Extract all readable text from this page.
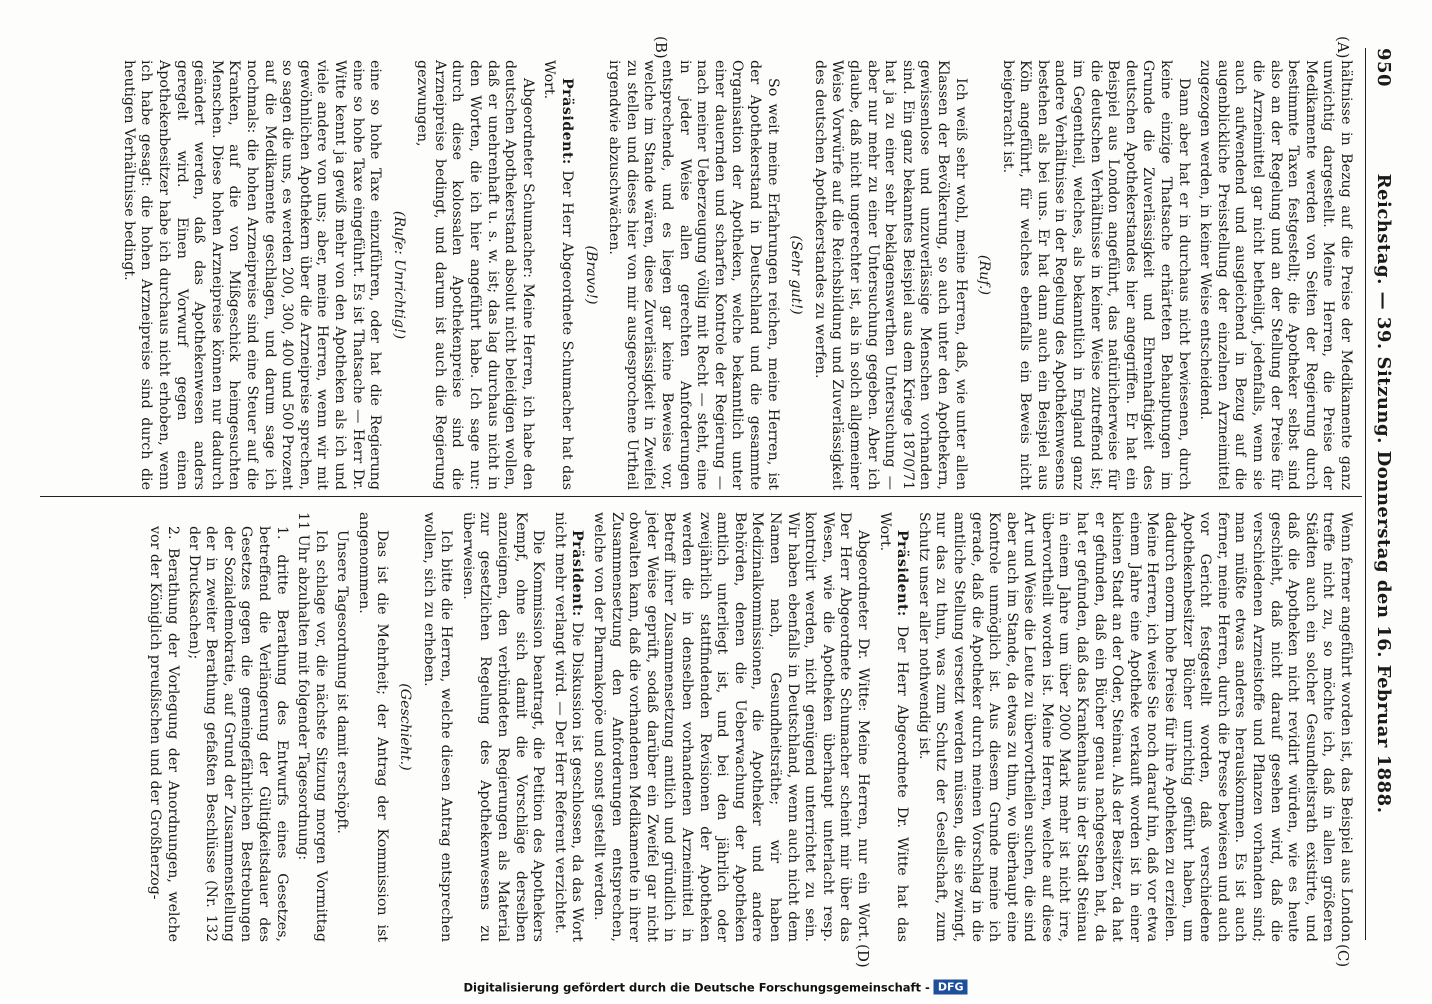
950
Reichstag. — 39. Sitzung. Donnerstag den 16. Februar 1888.
(A)
(B)
(C)
(D)

hältnisse in Bezug auf die Preise der Medikamente ganz unwichtig dargestellt. Meine Herren, die Preise der Medikamente werden von Seiten der Regierung durch bestimmte Taxen festgestellt; die Apotheker selbst sind also an der Regelung und an der Stellung der Preise für die Arzneimittel gar nicht betheiligt, jedenfalls, wenn sie auch aufwendend und ausgleichend in Bezug auf die augenblickliche Preisstellung der einzelnen Arzneimittel zugezogen werden, in keiner Weise entscheidend.

Dann aber hat er in durchaus nicht bewiesenen, durch keine einzige Thatsache erhärteten Behauptungen im Grunde die Zuverlässigkeit und Ehrenhaftigkeit des deutschen Apothekerstandes hier angegriffen. Er hat ein Beispiel aus London angeführt, das natürlicherweise für die deutschen Verhältnisse in keiner Weise zutreffend ist; im Gegentheil, welches, als bekanntlich in England ganz andere Verhältnisse in der Regelung des Apothekenwesens bestehen als bei uns. Er hat dann auch ein Beispiel aus Köln angeführt, für welches ebenfalls ein Beweis nicht beigebracht ist.

(Ruf.)

Ich weiß sehr wohl, meine Herren, daß, wie unter allen Klassen der Bevölkerung, so auch unter den Apothekern, gewissenlose und unzuverlässige Menschen vorhanden sind. Ein ganz bekanntes Beispiel aus dem Kriege 1870/71 hat ja zu einer sehr beklagenswerthen Untersuchung — aber nur mehr zu einer Untersuchung gegeben. Aber ich glaube, daß nicht ungerechter ist, als in solch allgemeiner Weise Vorwürfe auf die Reichsbildung und Zuverlässigkeit des deutschen Apothekerstandes zu werfen.

(Sehr gut!)

So weit meine Erfahrungen reichen, meine Herren, ist der Apothekerstand in Deutschland und die gesammte Organisation der Apotheken, welche bekanntlich unter einer dauernden und scharfen Kontrole der Regierung — nach meiner Ueberzeugung völlig mit Recht — steht, eine in jeder Weise allen gerechten Anforderungen entsprechende, und es liegen gar keine Beweise vor, welche im Stande wären, diese Zuverlässigkeit in Zweifel zu stellen und dieses hier von mir ausgesprochene Urtheil irgendwie abzuschwächen.

(Bravo!)

Präsident: Der Herr Abgeordnete Schumacher hat das Wort.

Abgeordneter Schumacher: Meine Herren, ich habe den deutschen Apothekerstand absolut nicht beleidigen wollen, daß er unehrenhaft u. s. w. ist; das lag durchaus nicht in den Worten, die ich hier angeführt habe. Ich sage nur: durch diese kolossalen Apothekenpreise sind die Arzneipreise bedingt, und darum ist auch die Regierung gezwungen,

(Rufe: Unrichtig!)

eine so hohe Taxe einzuführen, oder hat die Regierung eine so hohe Taxe eingeführt. Es ist Thatsache — Herr Dr. Witte kennt ja gewiß mehr von den Apotheken als ich und viele andere von uns; aber, meine Herren, wenn wir mit gewöhnlichen Apothekern über die Arzneipreise sprechen, so sagen die uns, es werden 200, 300, 400 und 500 Prozent auf die Medikamente geschlagen, und darum sage ich nochmals: die hohen Arzneipreise sind eine Steuer auf die Kranken, auf die von Mißgeschick heimgesuchten Menschen. Diese hohen Arzneipreise können nur dadurch geändert werden, daß das Apothekenwesen anders geregelt wird. Einen Vorwurf gegen einen Apothekenbesitzer habe ich durchaus nicht erhoben, wenn ich habe gesagt: die hohen Arzneipreise sind durch die heutigen Verhältnisse bedingt.

Wenn ferner angeführt worden ist, das Beispiel aus London treffe nicht zu, so möchte ich, daß in allen größeren Städten auch ein solcher Gesundheitsrath existirte, und daß die Apotheken nicht revidirt würden, wie es heute geschieht, daß nicht darauf gesehen wird, daß die verschiedenen Arzneistoffe und Pflanzen vorhanden sind; man müßte etwas anderes herauskommen. Es ist auch ferner, meine Herren, durch die Presse bewiesen und auch vor Gericht festgestellt worden, daß verschiedene Apothekenbesitzer Bücher unrichtig geführt haben, um dadurch enorm hohe Preise für ihre Apotheken zu erzielen. Meine Herren, ich weise Sie noch darauf hin, daß vor etwa einem Jahre eine Apotheke verkauft worden ist in einer kleinen Stadt an der Oder, Steinau. Als der Besitzer, da hat er gefunden, daß ein Bücher genau nachgesehen hat, da hat er gefunden, daß das Krankenhaus in der Stadt Steinau in einem Jahre um über 2000 Mark mehr ist nicht irre, übervortheilt worden ist. Meine Herren, welche auf diese Art und Weise die Leute zu übervortheilen suchen, die sind aber auch im Stande, da etwas zu thun, wo überhaupt eine Kontrole unmöglich ist. Aus diesem Grunde meine ich gerade, daß die Apotheker durch meinen Vorschlag in die amtliche Stellung versetzt werden müssen, die sie zwingt, nur das zu thun, was zum Schutz der Gesellschaft, zum Schutz unser aller nothwendig ist.

Präsident: Der Herr Abgeordnete Dr. Witte hat das Wort.

Abgeordneter Dr. Witte: Meine Herren, nur ein Wort. Der Herr Abgeordnete Schumacher scheint mir über das Wesen, wie die Apotheken überhaupt unterlacht resp. kontrolirt werden, nicht genügend unterrichtet zu sein. Wir haben ebenfalls in Deutschland, wenn auch nicht dem Namen nach, Gesundheitsräthe; wir haben Medizinalkommissionen, die Apotheker und andere Behörden, denen die Ueberwachung der Apotheken amtlich unterliegt ist, und bei den jährlich oder zweijährlich stattfindenden Revisionen der Apotheken werden die in denselben vorhandenen Arzneimittel in Betreff ihrer Zusammensetzung amtlich und gründlich in jeder Weise geprüft, sodaß darüber ein Zweifel gar nicht obwalten kann, daß die vorhandenen Medikamente in ihrer Zusammensetzung den Anforderungen entsprechen, welche von der Pharmakopöe und sonst gestellt werden.

Präsident: Die Diskussion ist geschlossen, da das Wort nicht mehr verlangt wird. — Der Herr Referent verzichtet.

Die Kommission beantragt, die Petition des Apothekers Kempf, ohne sich damit die Vorschläge derselben anzueignen, den verbündeten Regierungen als Material zur gesetzlichen Regelung des Apothekenwesens zu überweisen.

Ich bitte die Herren, welche diesen Antrag entsprechen wollen, sich zu erheben.

(Geschieht.)

Das ist die Mehrheit; der Antrag der Kommission ist angenommen.

Unsere Tagesordnung ist damit erschöpft.

Ich schlage vor, die nächste Sitzung morgen Vormittag 11 Uhr abzuhalten mit folgender Tagesordnung:

1. dritte Berathung des Entwurfs eines Gesetzes, betreffend die Verlängerung der Gültigkeitsdauer des Gesetzes gegen die gemeingefährlichen Bestrebungen der Sozialdemokratie, auf Grund der Zusammenstellung der in zweiter Berathung gefaßten Beschlüsse (Nr. 132 der Drucksachen);
2. Berathung der Vorlegung der Anordnungen, welche vor der Königlich preußischen und der Großherzog-
Digitalisierung gefördert durch die Deutsche Forschungsgemeinschaft - DFG
